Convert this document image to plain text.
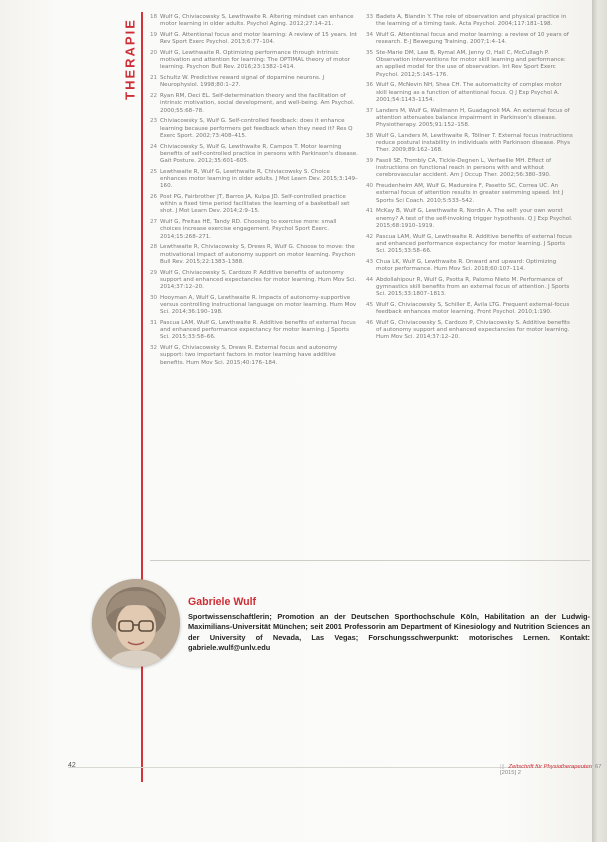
THERAPIE
18 Wulf G, Chiviacowsky S, Lewthwaite R. Altering mindset can enhance motor learning in older adults. Psychol Aging. 2012;27:14–21.
19 Wulf G. Attentional focus and motor learning: A review of 15 years. Int Rev Sport Exerc Psychol. 2013;6:77–104.
20 Wulf G, Lewthwaite R. Optimizing performance through intrinsic motivation and attention for learning: The OPTIMAL theory of motor learning. Psychon Bull Rev. 2016;23:1382–1414.
21 Schultz W. Predictive reward signal of dopamine neurons. J Neurophysiol. 1998;80:1–27.
22 Ryan RM, Deci EL. Self-determination theory and the facilitation of intrinsic motivation, social development, and well-being. Am Psychol. 2000;55:68–78.
23 Chiviacowsky S, Wulf G. Self-controlled feedback: does it enhance learning because performers get feedback when they need it? Res Q Exerc Sport. 2002;73:408–415.
24 Chiviacowsky S, Wulf G, Lewthwaite R, Campos T. Motor learning benefits of self-controlled practice in persons with Parkinson's disease. Gait Posture. 2012;35:601–605.
25 Lewthwaite R, Wulf G, Lewthwaite R, Chiviacowsky S. Choice enhances motor learning in older adults. J Mot Learn Dev. 2015;3:149–160.
26 Post PG, Fairbrother JT, Barros JA, Kulpa JD. Self-controlled practice within a fixed time period facilitates the learning of a basketball set shot. J Mot Learn Dev. 2014;2:9–15.
27 Wulf G, Freitas HE, Tandy RD. Choosing to exercise more: small choices increase exercise engagement. Psychol Sport Exerc. 2014;15:268–271.
28 Lewthwaite R, Chiviacowsky S, Drews R, Wulf G. Choose to move: the motivational impact of autonomy support on motor learning. Psychon Bull Rev. 2015;22:1383–1388.
29 Wulf G, Chiviacowsky S, Cardozo P. Additive benefits of autonomy support and enhanced expectancies for motor learning. Hum Mov Sci. 2014;37:12–20.
30 Hooyman A, Wulf G, Lewthwaite R. Impacts of autonomy-supportive versus controlling instructional language on motor learning. Hum Mov Sci. 2014;36:190–198.
31 Pascua LAM, Wulf G, Lewthwaite R. Additive benefits of external focus and enhanced performance expectancy for motor learning. J Sports Sci. 2015;33:58–66.
32 Wulf G, Chiviacowsky S, Drews R. External focus and autonomy support: two important factors in motor learning have additive benefits. Hum Mov Sci. 2015;40:176–184.
33 Badets A, Blandin Y. The role of observation and physical practice in the learning of a timing task. Acta Psychol. 2004;117:181–198.
34 Wulf G. Attentional focus and motor learning: a review of 10 years of research. E-J Bewegung Training. 2007;1:4–14.
35 Ste-Marie DM, Law B, Rymal AM, Jenny O, Hall C, McCullagh P. Observation interventions for motor skill learning and performance: an applied model for the use of observation. Int Rev Sport Exerc Psychol. 2012;5:145–176.
36 Wulf G, McNevin NH, Shea CH. The automaticity of complex motor skill learning as a function of attentional focus. Q J Exp Psychol A. 2001;54:1143–1154.
37 Landers M, Wulf G, Wallmann H, Guadagnoli MA. An external focus of attention attenuates balance impairment in Parkinson's disease. Physiotherapy. 2005;91:152–158.
38 Wulf G, Landers M, Lewthwaite R, Töllner T. External focus instructions reduce postural instability in individuals with Parkinson disease. Phys Ther. 2009;89:162–168.
39 Fasoli SE, Trombly CA, Tickle-Degnen L, Verfaellie MH. Effect of instructions on functional reach in persons with and without cerebrovascular accident. Am J Occup Ther. 2002;56:380–390.
40 Freudenheim AM, Wulf G, Madureira F, Pasetto SC, Correa UC. An external focus of attention results in greater swimming speed. Int J Sports Sci Coach. 2010;5:533–542.
41 McKay B, Wulf G, Lewthwaite R, Nordin A. The self: your own worst enemy? A test of the self-invoking trigger hypothesis. Q J Exp Psychol. 2015;68:1910–1919.
42 Pascua LAM, Wulf G, Lewthwaite R. Additive benefits of external focus and enhanced performance expectancy for motor learning. J Sports Sci. 2015;33:58–66.
43 Chua LK, Wulf G, Lewthwaite R. Onward and upward: Optimizing motor performance. Hum Mov Sci. 2018;60:107–114.
44 Abdollahipour R, Wulf G, Psotta R, Palomo Nieto M. Performance of gymnastics skill benefits from an external focus of attention. J Sports Sci. 2015;33:1807–1813.
45 Wulf G, Chiviacowsky S, Schiller E, Ávila LTG. Frequent external-focus feedback enhances motor learning. Front Psychol. 2010;1:190.
46 Wulf G, Chiviacowsky S, Cardozo P, Chiviacowsky S. Additive benefits of autonomy support and enhanced expectancies for motor learning. Hum Mov Sci. 2014;37:12–20.
Gabriele Wulf
Sportwissenschaftlerin; Promotion an der Deutschen Sporthochschule Köln, Habilitation an der Ludwig-Maximilians-Universität München; seit 2001 Professorin am Department of Kinesiology and Nutrition Sciences an der University of Nevada, Las Vegas; Forschungsschwerpunkt: motorisches Lernen. Kontakt: gabriele.wulf@unlv.edu
42	||| Zeitschrift für Physiotherapeuten 67 [2015] 2
